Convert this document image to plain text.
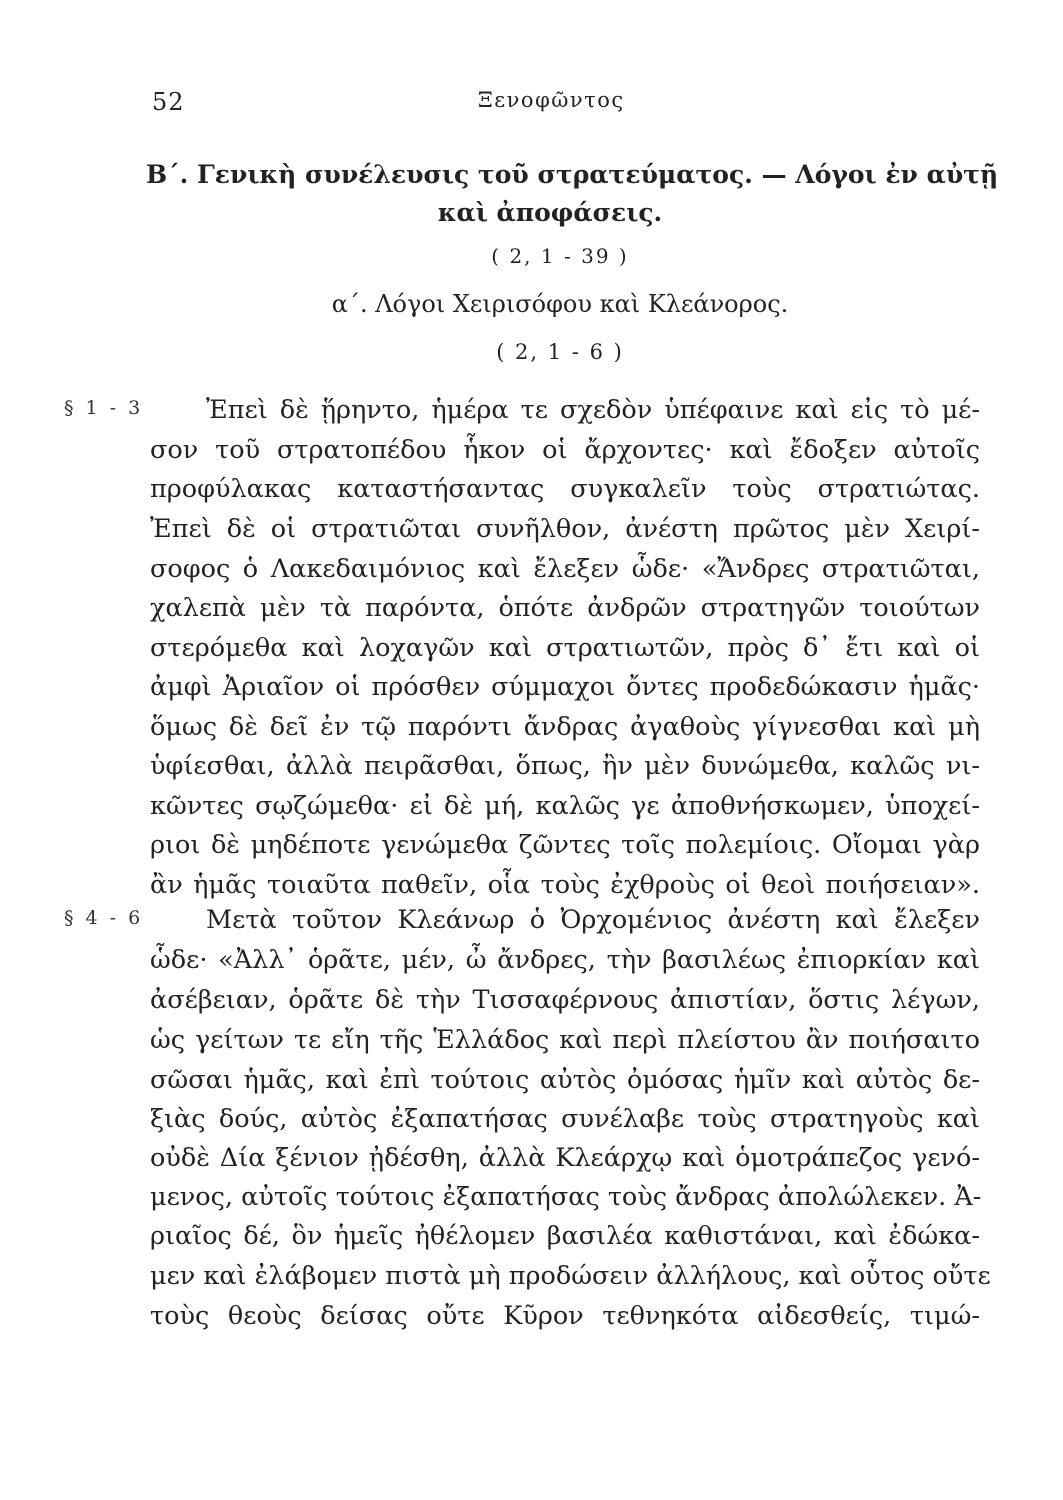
52	Ξενοφῶντος
Β΄. Γενικὴ συνέλευσις τοῦ στρατεύματος. — Λόγοι ἐν αὐτῇ
καὶ ἀποφάσεις.
( 2, 1 - 39 )
α΄. Λόγοι Χειρισόφου καὶ Κλεάνορος.
( 2, 1 - 6 )
§ 1 - 3
§ 4 - 6
Ἐπεὶ δὲ ᾕρηντο, ἡμέρα τε σχεδὸν ὑπέφαινε καὶ εἰς τὸ μέ-
σον τοῦ στρατοπέδου ἧκον οἱ ἄρχοντες· καὶ ἔδοξεν αὐτοῖς
προφύλακας καταστήσαντας συγκαλεῖν τοὺς στρατιώτας.
Ἐπεὶ δὲ οἱ στρατιῶται συνῆλθον, ἀνέστη πρῶτος μὲν Χειρί-
σοφος ὁ Λακεδαιμόνιος καὶ ἔλεξεν ὧδε· «Ἄνδρες στρατιῶται,
χαλεπὰ μὲν τὰ παρόντα, ὁπότε ἀνδρῶν στρατηγῶν τοιούτων
στερόμεθα καὶ λοχαγῶν καὶ στρατιωτῶν, πρὸς δ᾽ ἔτι καὶ οἱ
ἀμφὶ Ἀριαῖον οἱ πρόσθεν σύμμαχοι ὄντες προδεδώκασιν ἡμᾶς·
ὅμως δὲ δεῖ ἐν τῷ παρόντι ἄνδρας ἀγαθοὺς γίγνεσθαι καὶ μὴ
ὑφίεσθαι, ἀλλὰ πειρᾶσθαι, ὅπως, ἢν μὲν δυνώμεθα, καλῶς νι-
κῶντες σῳζώμεθα· εἰ δὲ μή, καλῶς γε ἀποθνήσκωμεν, ὑποχεί-
ριοι δὲ μηδέποτε γενώμεθα ζῶντες τοῖς πολεμίοις. Οἴομαι γὰρ
ἂν ἡμᾶς τοιαῦτα παθεῖν, οἷα τοὺς ἐχθροὺς οἱ θεοὶ ποιήσειαν».
Μετὰ τοῦτον Κλεάνωρ ὁ Ὀρχομένιος ἀνέστη καὶ ἔλεξεν
ὧδε· «Ἀλλ᾽ ὁρᾶτε, μέν, ὦ ἄνδρες, τὴν βασιλέως ἐπιορκίαν καὶ
ἀσέβειαν, ὁρᾶτε δὲ τὴν Τισσαφέρνους ἀπιστίαν, ὅστις λέγων,
ὡς γείτων τε εἴη τῆς Ἑλλάδος καὶ περὶ πλείστου ἂν ποιήσαιτο
σῶσαι ἡμᾶς, καὶ ἐπὶ τούτοις αὐτὸς ὀμόσας ἡμῖν καὶ αὐτὸς δε-
ξιὰς δούς, αὐτὸς ἐξαπατήσας συνέλαβε τοὺς στρατηγοὺς καὶ
οὐδὲ Δία ξένιον ᾐδέσθη, ἀλλὰ Κλεάρχῳ καὶ ὁμοτράπεζος γενό-
μενος, αὐτοῖς τούτοις ἐξαπατήσας τοὺς ἄνδρας ἀπολώλεκεν. Ἀ-
ριαῖος δέ, ὃν ἡμεῖς ἠθέλομεν βασιλέα καθιστάναι, καὶ ἐδώκα-
μεν καὶ ἐλάβομεν πιστὰ μὴ προδώσειν ἀλλήλους, καὶ οὗτος οὔτε
τοὺς θεοὺς δείσας οὔτε Κῦρον τεθνηκότα αἰδεσθείς, τιμώ-
